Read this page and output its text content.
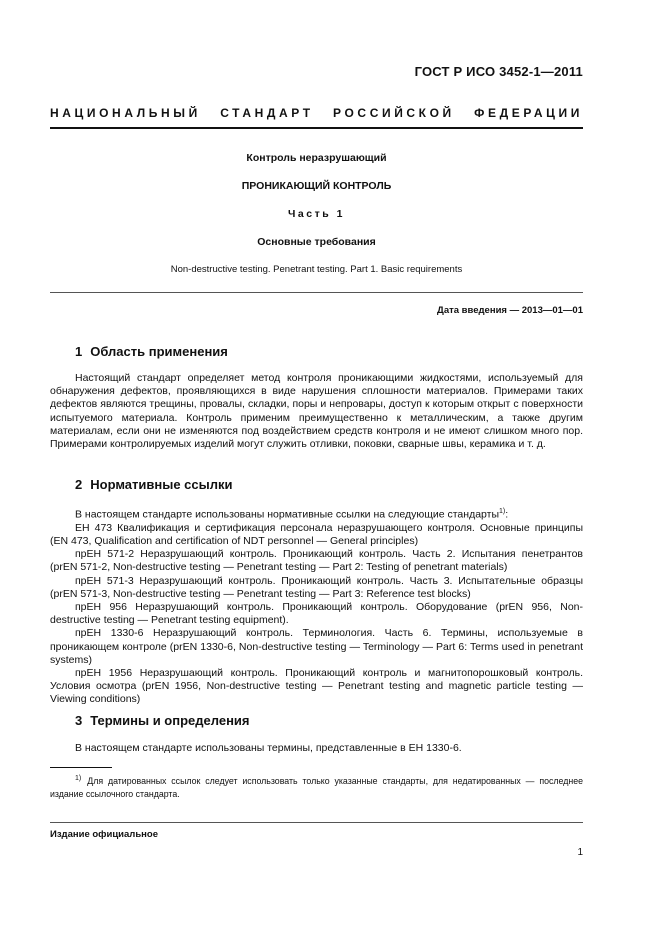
ГОСТ Р ИСО 3452-1—2011
НАЦИОНАЛЬНЫЙ СТАНДАРТ РОССИЙСКОЙ ФЕДЕРАЦИИ
Контроль неразрушающий
ПРОНИКАЮЩИЙ КОНТРОЛЬ
Часть 1
Основные требования
Non-destructive testing. Penetrant testing. Part 1. Basic requirements
Дата введения — 2013—01—01
1 Область применения

Настоящий стандарт определяет метод контроля проникающими жидкостями, используемый для обнаружения дефектов, проявляющихся в виде нарушения сплошности материалов. Примерами таких дефектов являются трещины, провалы, складки, поры и непровары, доступ к которым открыт с поверхности испытуемого материала. Контроль применим преимущественно к металлическим, а также другим материалам, если они не изменяются под воздействием средств контроля и не имеют слишком много пор. Примерами контролируемых изделий могут служить отливки, поковки, сварные швы, керамика и т. д.

2 Нормативные ссылки

В настоящем стандарте использованы нормативные ссылки на следующие стандарты$^{1)}$:

ЕН 473 Квалификация и сертификация персонала неразрушающего контроля. Основные принципы (EN 473, Qualification and certification of NDT personnel — General principles)

прЕН 571-2 Неразрушающий контроль. Проникающий контроль. Часть 2. Испытания пенетрантов (prEN 571-2, Non-destructive testing — Penetrant testing — Part 2: Testing of penetrant materials)

прЕН 571-3 Неразрушающий контроль. Проникающий контроль. Часть 3. Испытательные образцы (prEN 571-3, Non-destructive testing — Penetrant testing — Part 3: Reference test blocks)

прЕН 956 Неразрушающий контроль. Проникающий контроль. Оборудование (prEN 956, Non-destructive testing — Penetrant testing equipment).

прЕН 1330-6 Неразрушающий контроль. Терминология. Часть 6. Термины, используемые в проникающем контроле (prEN 1330-6, Non-destructive testing — Terminology — Part 6: Terms used in penetrant systems)

прЕН 1956 Неразрушающий контроль. Проникающий контроль и магнитопорошковый контроль. Условия осмотра (prEN 1956, Non-destructive testing — Penetrant testing and magnetic particle testing — Viewing conditions)

3 Термины и определения

В настоящем стандарте использованы термины, представленные в ЕН 1330-6.

$^{1)}$ Для датированных ссылок следует использовать только указанные стандарты, для недатированных — последнее издание ссылочного стандарта.
Издание официальное
1
